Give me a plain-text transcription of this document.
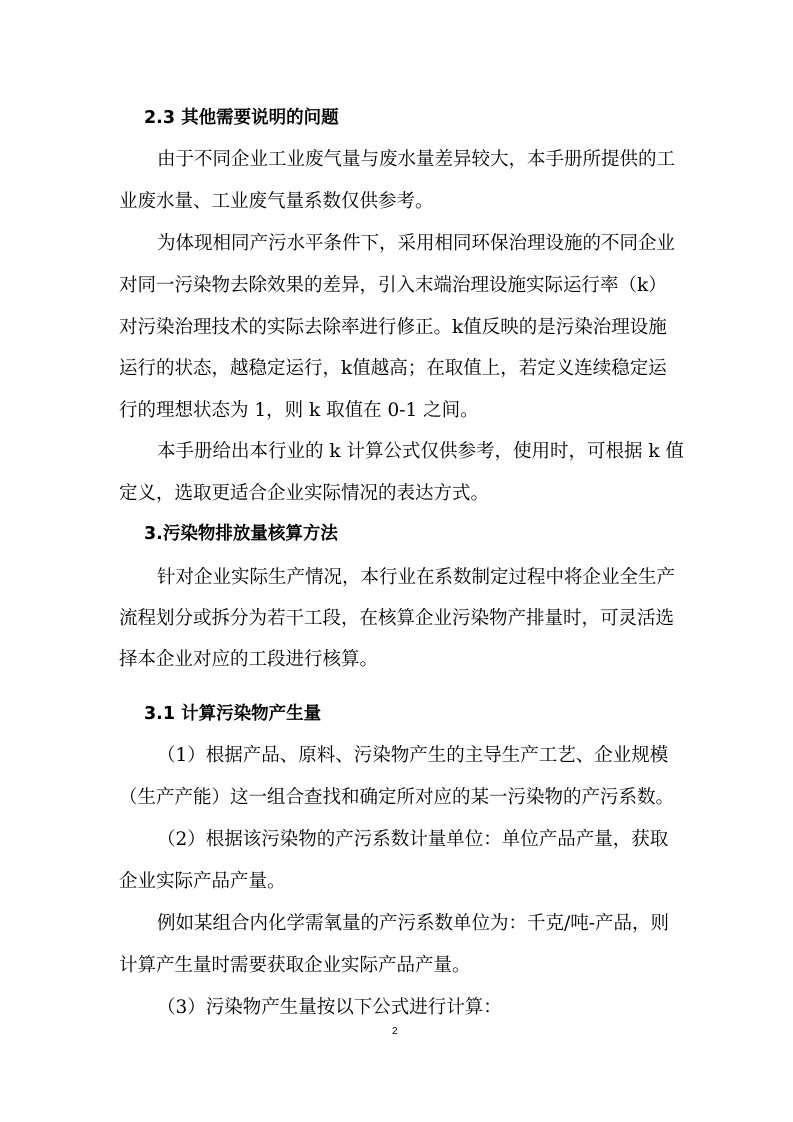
2.3 其他需要说明的问题
由于不同企业工业废气量与废水量差异较大，本手册所提供的工
业废水量、工业废气量系数仅供参考。
为体现相同产污水平条件下，采用相同环保治理设施的不同企业
对同一污染物去除效果的差异，引入末端治理设施实际运行率（k）
对污染治理技术的实际去除率进行修正。k值反映的是污染治理设施
运行的状态，越稳定运行，k值越高；在取值上，若定义连续稳定运
行的理想状态为 1，则 k 取值在 0-1 之间。
本手册给出本行业的 k 计算公式仅供参考，使用时，可根据 k 值
定义，选取更适合企业实际情况的表达方式。
3.污染物排放量核算方法
针对企业实际生产情况，本行业在系数制定过程中将企业全生产
流程划分或拆分为若干工段，在核算企业污染物产排量时，可灵活选
择本企业对应的工段进行核算。
3.1 计算污染物产生量
（1）根据产品、原料、污染物产生的主导生产工艺、企业规模
（生产产能）这一组合查找和确定所对应的某一污染物的产污系数。
（2）根据该污染物的产污系数计量单位：单位产品产量，获取
企业实际产品产量。
例如某组合内化学需氧量的产污系数单位为：千克/吨-产品，则
计算产生量时需要获取企业实际产品产量。
（3）污染物产生量按以下公式进行计算：
2
